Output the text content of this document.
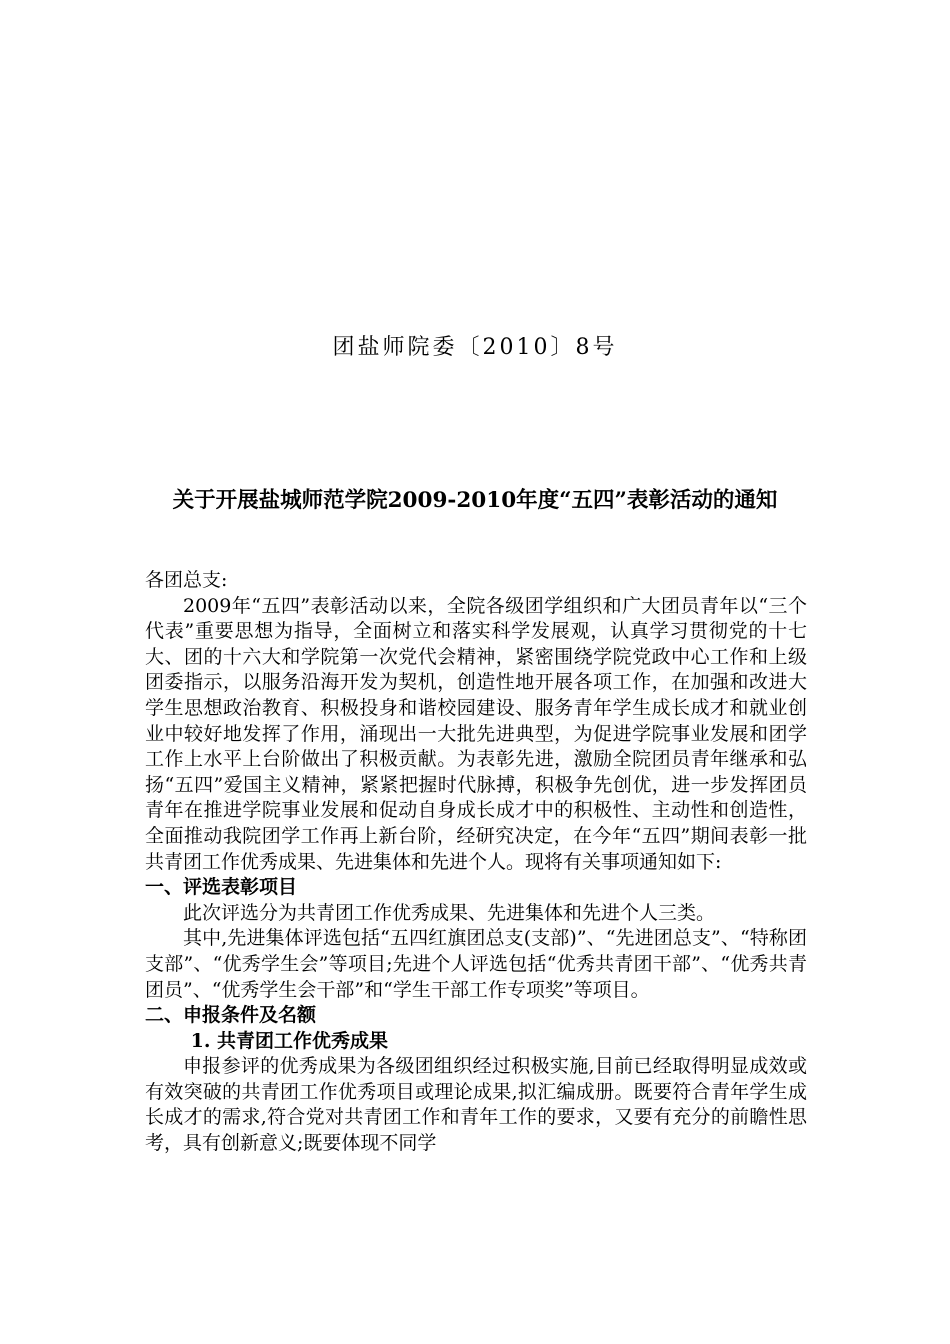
团盐师院委〔2010〕8号
关于开展盐城师范学院2009-2010年度“五四”表彰活动的通知

各团总支:

2009年“五四”表彰活动以来，全院各级团学组织和广大团员青年以“三个代表”重要思想为指导，全面树立和落实科学发展观，认真学习贯彻党的十七大、团的十六大和学院第一次党代会精神，紧密围绕学院党政中心工作和上级团委指示，以服务沿海开发为契机，创造性地开展各项工作，在加强和改进大学生思想政治教育、积极投身和谐校园建设、服务青年学生成长成才和就业创业中较好地发挥了作用，涌现出一大批先进典型，为促进学院事业发展和团学工作上水平上台阶做出了积极贡献。为表彰先进，激励全院团员青年继承和弘扬“五四”爱国主义精神，紧紧把握时代脉搏，积极争先创优，进一步发挥团员青年在推进学院事业发展和促动自身成长成才中的积极性、主动性和创造性，全面推动我院团学工作再上新台阶，经研究决定，在今年“五四”期间表彰一批共青团工作优秀成果、先进集体和先进个人。现将有关事项通知如下:

一、评选表彰项目

此次评选分为共青团工作优秀成果、先进集体和先进个人三类。

其中,先进集体评选包括“五四红旗团总支(支部)”、“先进团总支”、“特称团支部”、“优秀学生会”等项目;先进个人评选包括“优秀共青团干部”、“优秀共青团员”、“优秀学生会干部”和“学生干部工作专项奖”等项目。

二、申报条件及名额

1. 共青团工作优秀成果

申报参评的优秀成果为各级团组织经过积极实施,目前已经取得明显成效或有效突破的共青团工作优秀项目或理论成果,拟汇编成册。既要符合青年学生成长成才的需求,符合党对共青团工作和青年工作的要求，又要有充分的前瞻性思考，具有创新意义;既要体现不同学
